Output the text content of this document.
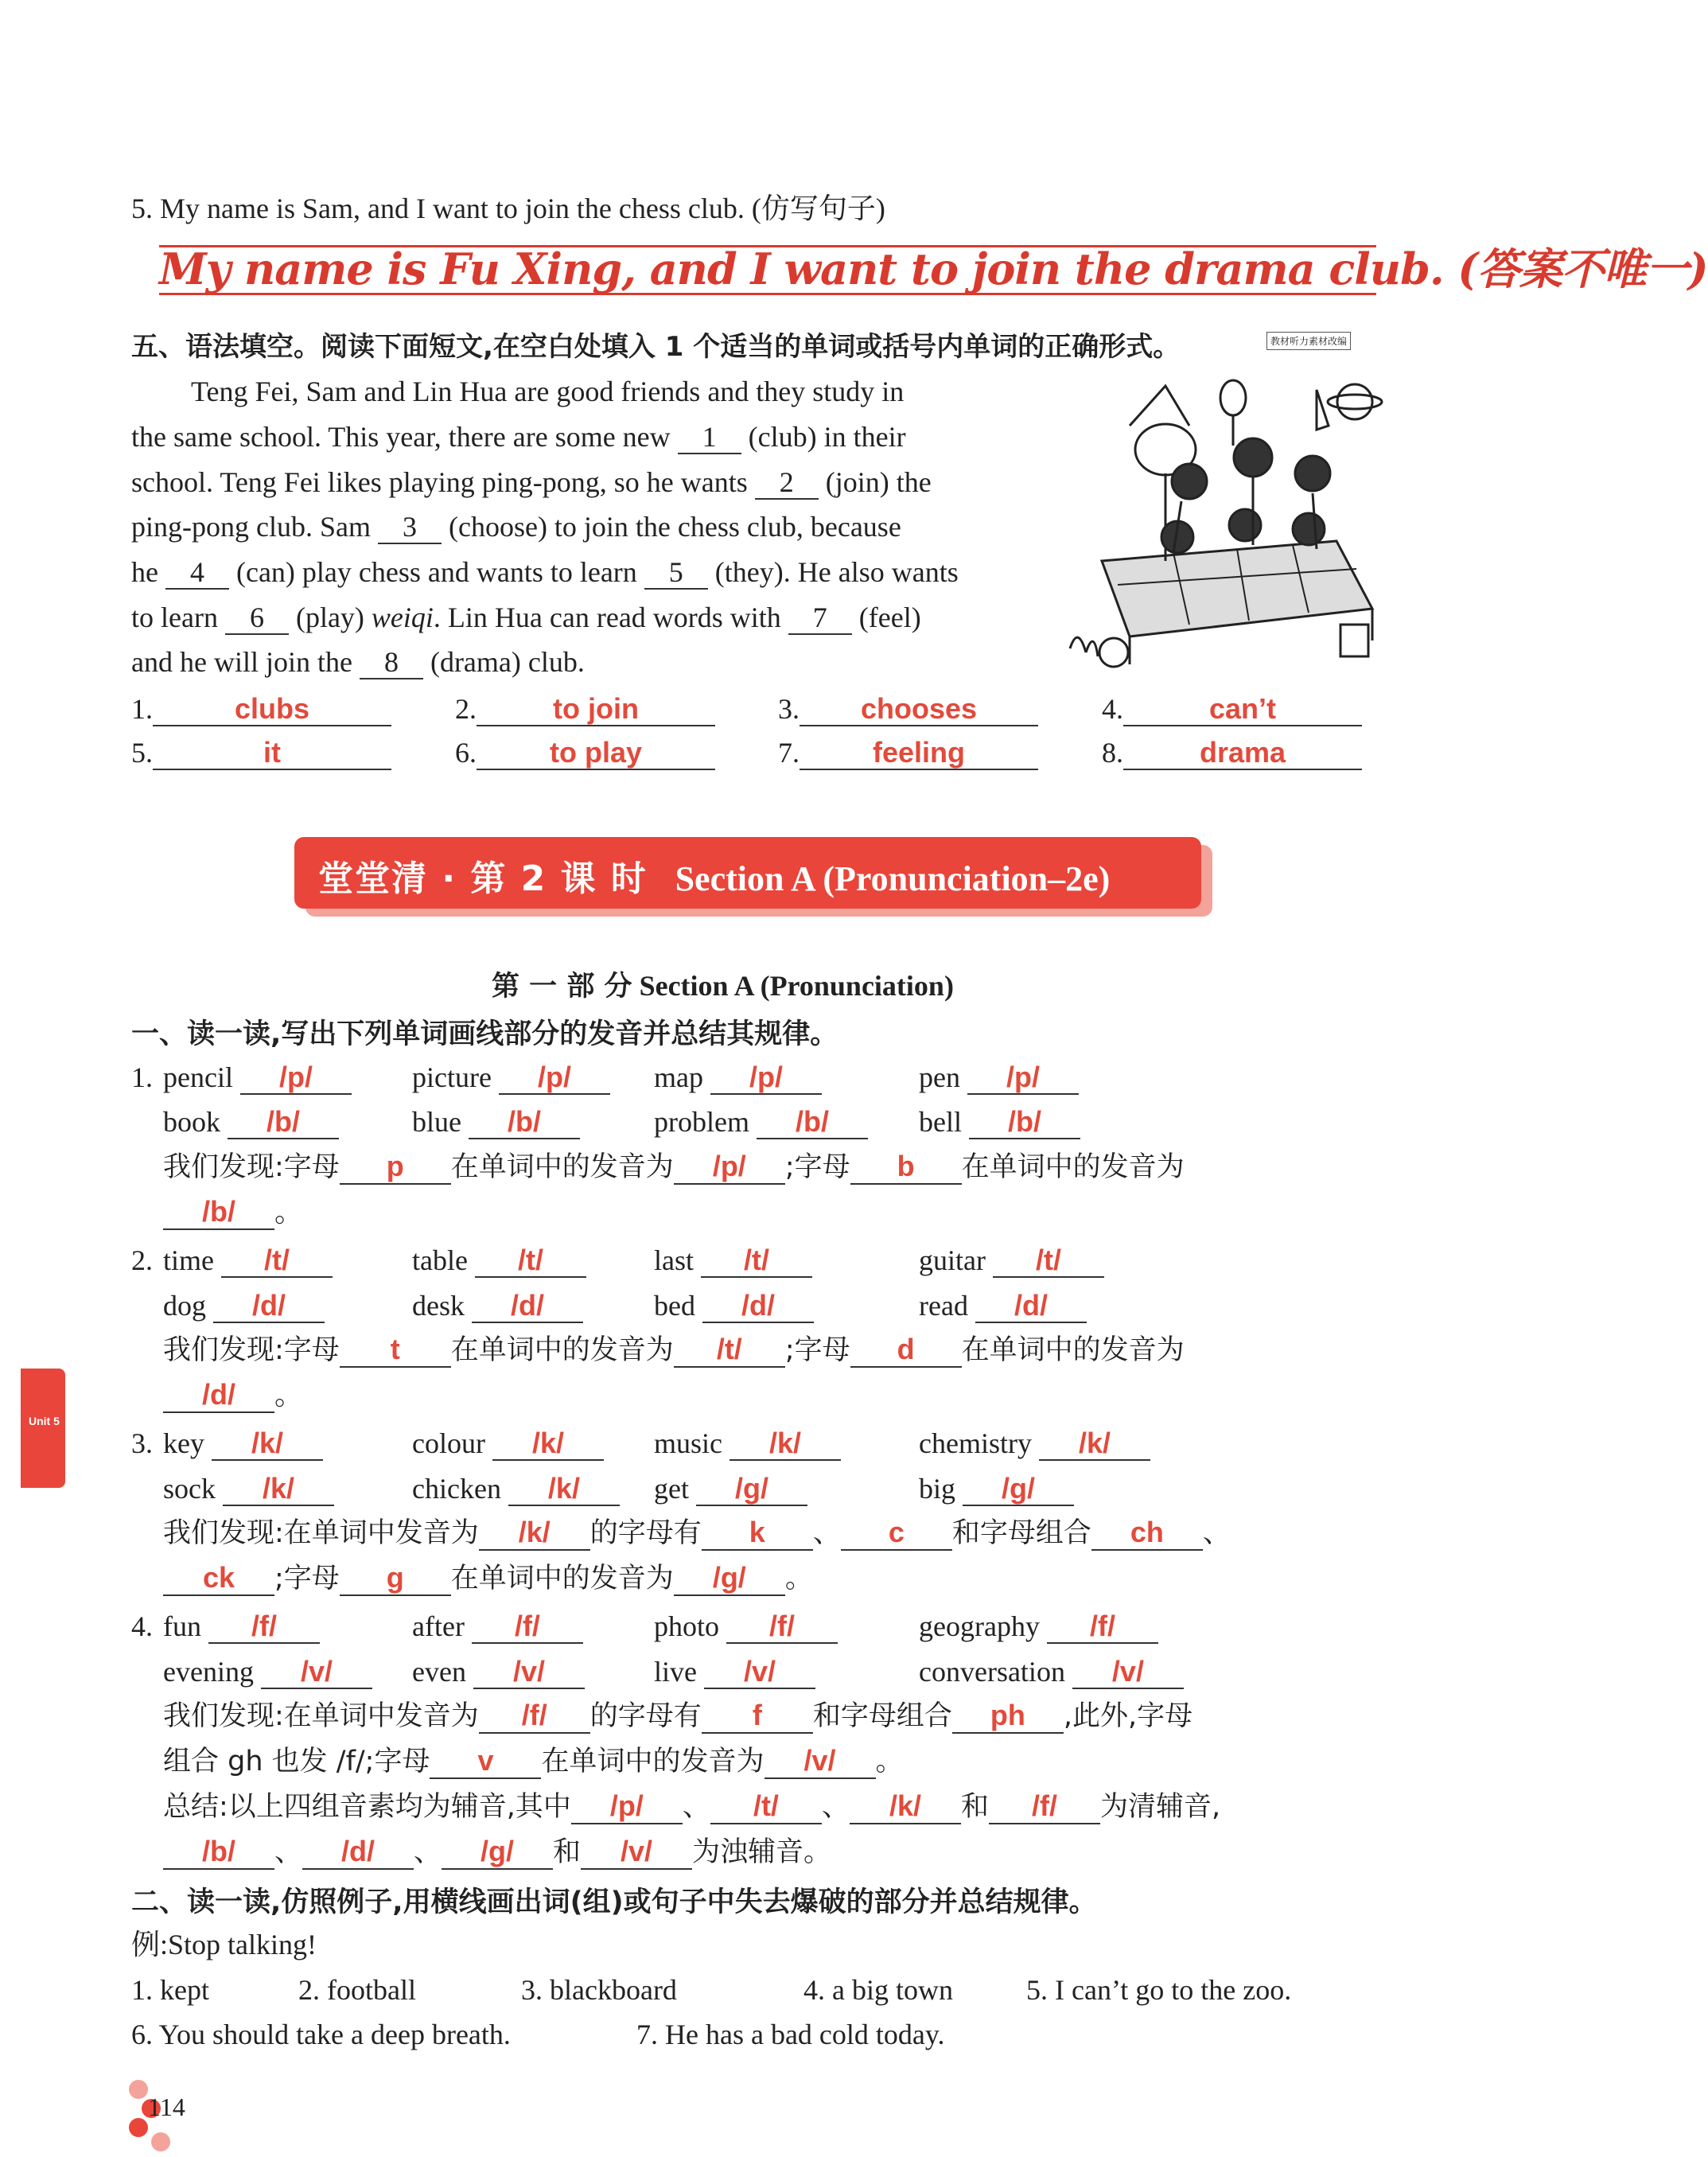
5. My name is Sam, and I want to join the chess club. (仿写句子)
My name is Fu Xing, and I want to join the drama club. (答案不唯一)
五、语法填空。阅读下面短文,在空白处填入 1 个适当的单词或括号内单词的正确形式。	教材听力素材改编
Teng Fei, Sam and Lin Hua are good friends and they study in
the same school. This year, there are some new 1 (club) in their
school. Teng Fei likes playing ping-pong, so he wants 2 (join) the
ping-pong club. Sam 3 (choose) to join the chess club, because
he 4 (can) play chess and wants to learn 5 (they). He also wants
to learn 6 (play) weiqi. Lin Hua can read words with 7 (feel)
and he will join the 8 (drama) club.
1.	clubs	2.	to join	3. chooses	4.	can’t
5.	it	6.	to play	7.	feeling	8.	drama
堂堂清 · 第 2 课 时 Section A (Pronunciation–2e)
第 一 部 分 Section A (Pronunciation)
一、读一读,写出下列单词画线部分的发音并总结其规律。
1. pencil /p/	picture /p/	map /p/	pen /p/
book /b/	blue /b/	problem /b/	bell /b/
我们发现:字母 p 在单词中的发音为 /p/ ;字母 b 在单词中的发音为
/b/ 。
2. time /t/	table /t/	last /t/	guitar /t/
dog /d/	desk /d/	bed /d/	read /d/
我们发现:字母 t 在单词中的发音为 /t/ ;字母 d 在单词中的发音为
/d/ 。
3. key /k/	colour /k/	music /k/	chemistry /k/
sock /k/	chicken /k/	get /g/	big /g/
我们发现:在单词中发音为 /k/ 的字母有 k 、 c 和字母组合 ch 、
ck ;字母 g 在单词中的发音为 /g/ 。
4. fun /f/	after /f/	photo /f/	geography /f/
evening /v/	even /v/	live /v/	conversation /v/
我们发现:在单词中发音为 /f/ 的字母有 f 和字母组合 ph ,此外,字母
组合 gh 也发 /f/;字母 v 在单词中的发音为 /v/ 。
总结:以上四组音素均为辅音,其中 /p/ 、 /t/ 、 /k/ 和 /f/ 为清辅音,
/b/ 、 /d/ 、 /g/ 和 /v/ 为浊辅音。
二、读一读,仿照例子,用横线画出词(组)或句子中失去爆破的部分并总结规律。
例:Stop talking!
1. kept	2. football	3. blackboard	4. a big town	5. I can’t go to the zoo.
6. You should take a deep breath.	7. He has a bad cold today.
Unit 5
114
